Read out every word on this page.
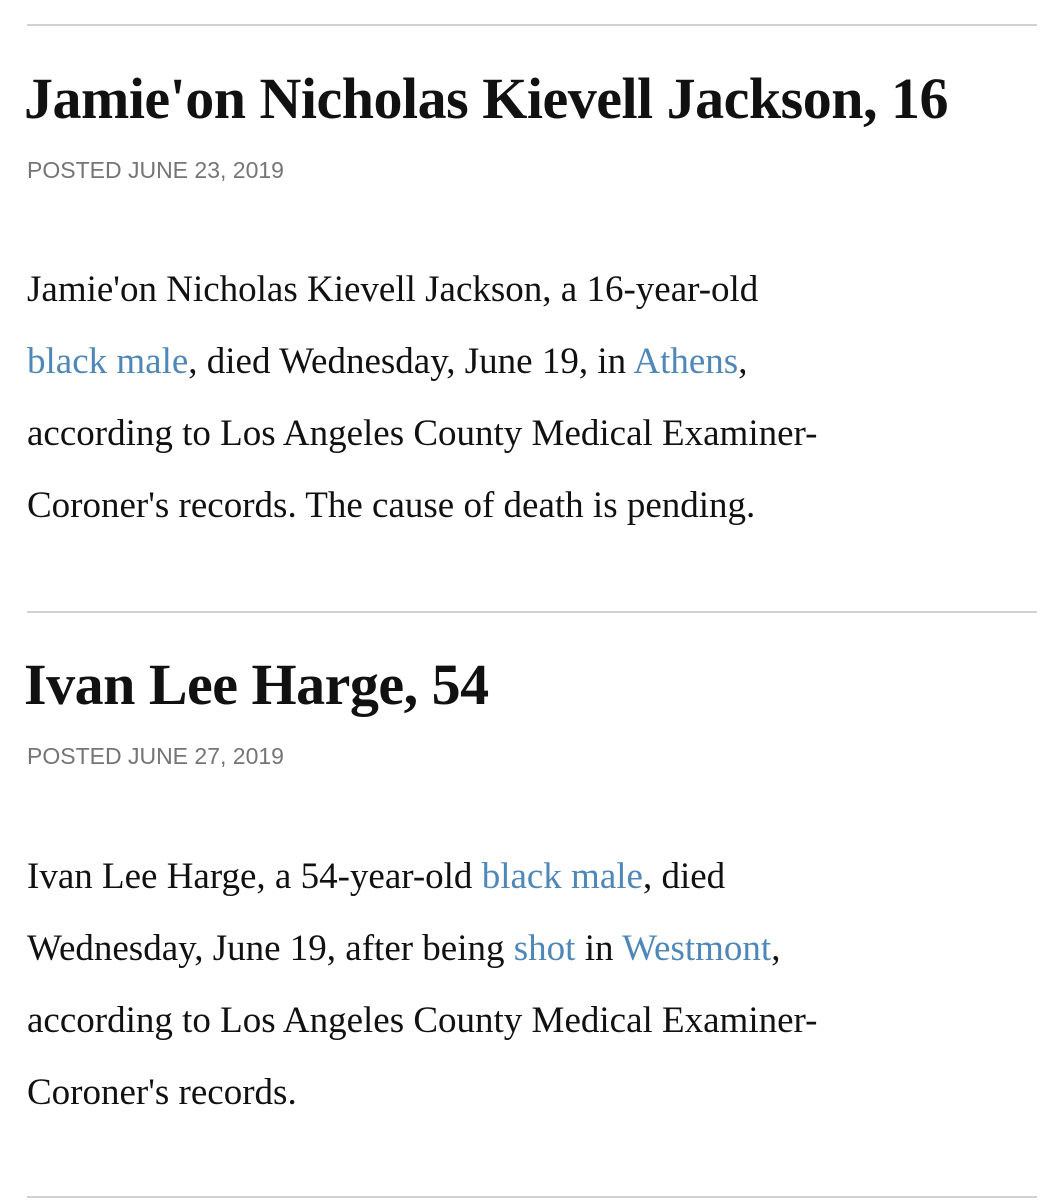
Jamie'on Nicholas Kievell Jackson, 16
POSTED JUNE 23, 2019

Jamie'on Nicholas Kievell Jackson, a 16-year-old
black male, died Wednesday, June 19, in Athens,
according to Los Angeles County Medical Examiner-
Coroner's records. The cause of death is pending.

Ivan Lee Harge, 54
POSTED JUNE 27, 2019

Ivan Lee Harge, a 54-year-old black male, died
Wednesday, June 19, after being shot in Westmont,
according to Los Angeles County Medical Examiner-
Coroner's records.
